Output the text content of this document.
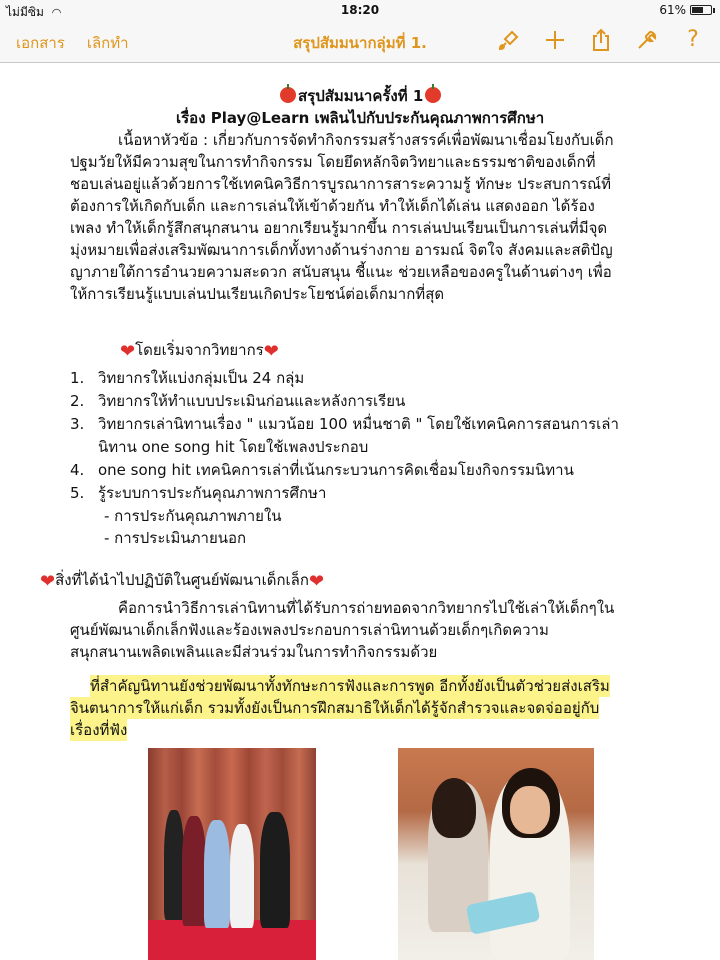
ไม่มีซิม ◠	18:20	61%
เอกสาร เลิกทำ	สรุปสัมมนากลุ่มที่ 1.	?
สรุปสัมมนาครั้งที่ 1
เรื่อง Play@Learn เพลินไปกับประกันคุณภาพการศึกษา
เนื้อหาหัวข้อ : เกี่ยวกับการจัดทำกิจกรรมสร้างสรรค์เพื่อพัฒนาเชื่อมโยงกับเด็ก
ปฐมวัยให้มีความสุขในการทำกิจกรรม โดยยึดหลักจิตวิทยาและธรรมชาติของเด็กที่
ชอบเล่นอยู่แล้วด้วยการใช้เทคนิควิธีการบูรณาการสาระความรู้ ทักษะ ประสบการณ์ที่
ต้องการให้เกิดกับเด็ก และการเล่นให้เข้าด้วยกัน ทำให้เด็กได้เล่น แสดงออก ได้ร้อง
เพลง ทำให้เด็กรู้สึกสนุกสนาน อยากเรียนรู้มากขึ้น การเล่นปนเรียนเป็นการเล่นที่มีจุด
มุ่งหมายเพื่อส่งเสริมพัฒนาการเด็กทั้งทางด้านร่างกาย อารมณ์ จิตใจ สังคมและสติปัญ
ญาภายใต้การอำนวยความสะดวก สนับสนุน ชี้แนะ ช่วยเหลือของครูในด้านต่างๆ เพื่อ
ให้การเรียนรู้แบบเล่นปนเรียนเกิดประโยชน์ต่อเด็กมากที่สุด
❤โดยเริ่มจากวิทยากร❤
1. วิทยากรให้แบ่งกลุ่มเป็น 24 กลุ่ม
2. วิทยากรให้ทำแบบประเมินก่อนและหลังการเรียน
3. วิทยากรเล่านิทานเรื่อง " แมวน้อย 100 หมื่นชาติ " โดยใช้เทคนิคการสอนการเล่า
นิทาน one song hit โดยใช้เพลงประกอบ
4. one song hit เทคนิคการเล่าที่เน้นกระบวนการคิดเชื่อมโยงกิจกรรมนิทาน
5. รู้ระบบการประกันคุณภาพการศึกษา
- การประกันคุณภาพภายใน
- การประเมินภายนอก
❤สิ่งที่ได้นำไปปฏิบัติในศูนย์พัฒนาเด็กเล็ก❤
คือการนำวิธีการเล่านิทานที่ได้รับการถ่ายทอดจากวิทยากรไปใช้เล่าให้เด็กๆใน
ศูนย์พัฒนาเด็กเล็กฟังและร้องเพลงประกอบการเล่านิทานด้วยเด็กๆเกิดความ
สนุกสนานเพลิดเพลินและมีส่วนร่วมในการทำกิจกรรมด้วย
ที่สำคัญนิทานยังช่วยพัฒนาทั้งทักษะการฟังและการพูด อีกทั้งยังเป็นตัวช่วยส่งเสริม
จินตนาการให้แก่เด็ก รวมทั้งยังเป็นการฝึกสมาธิให้เด็กได้รู้จักสำรวจและจดจ่ออยู่กับ
เรื่องที่ฟัง
